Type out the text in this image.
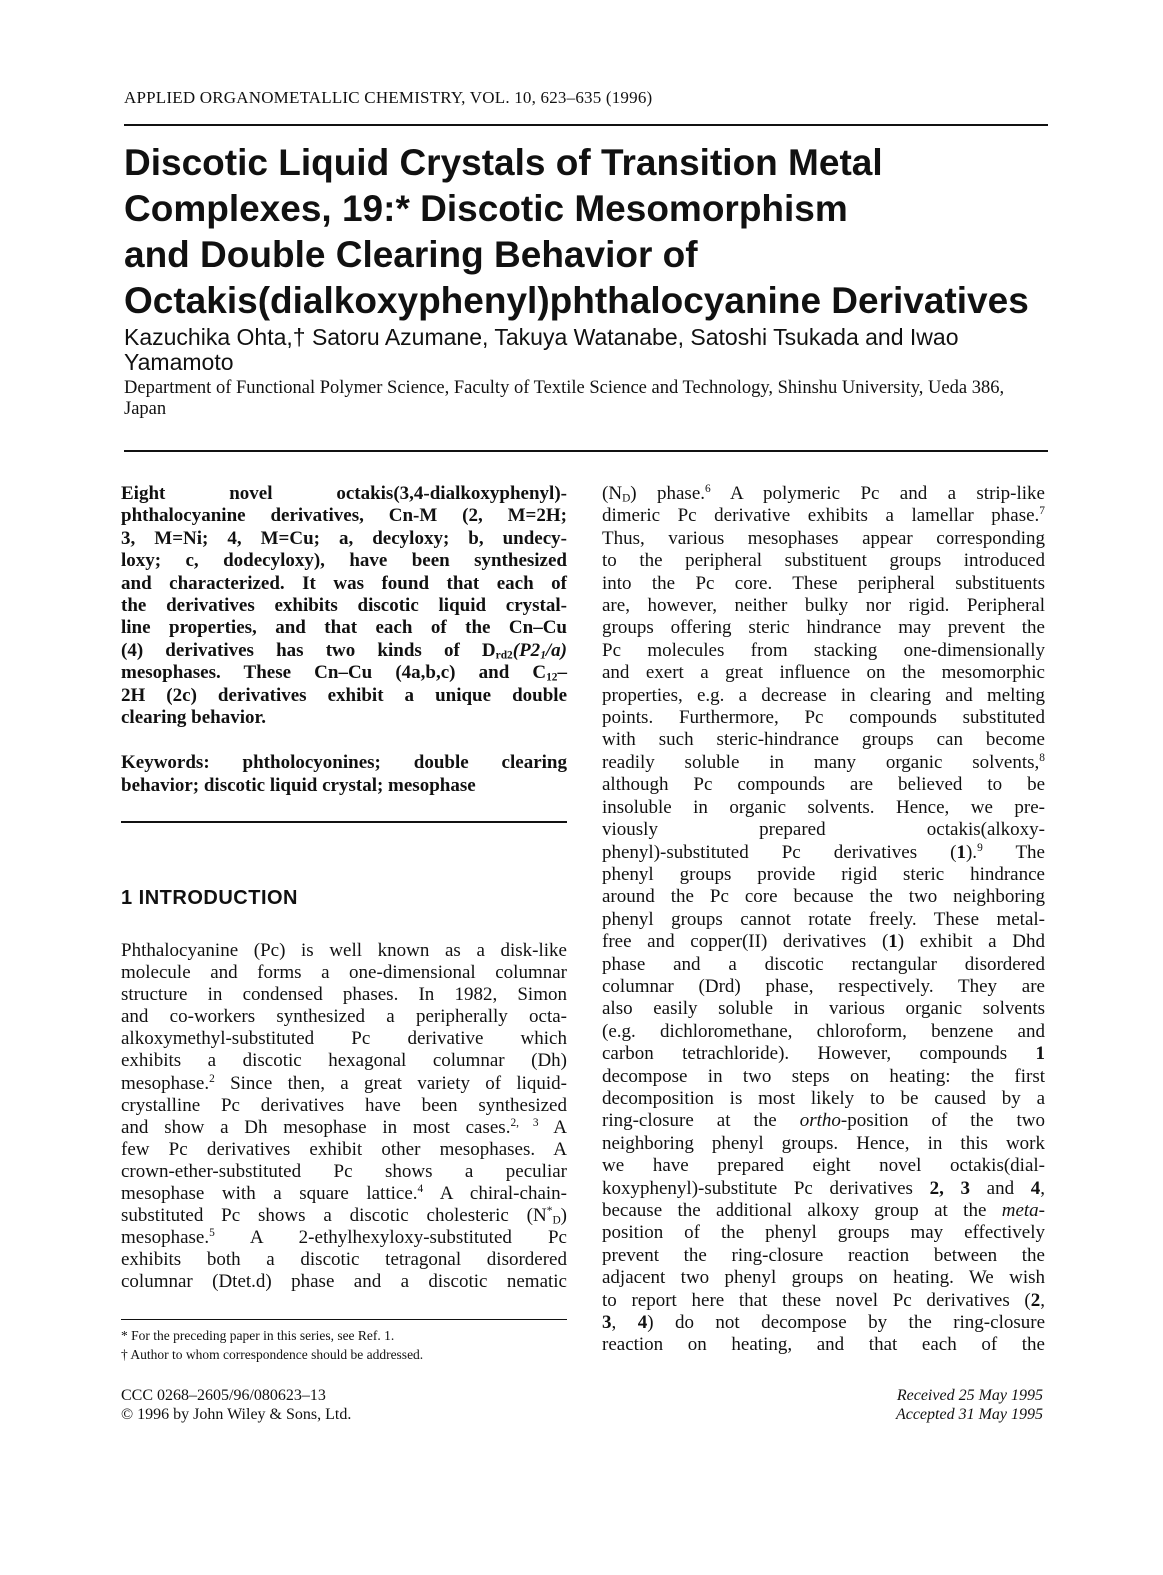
APPLIED ORGANOMETALLIC CHEMISTRY, VOL. 10, 623–635 (1996)
Discotic Liquid Crystals of Transition Metal
Complexes, 19:* Discotic Mesomorphism
and Double Clearing Behavior of
Octakis(dialkoxyphenyl)phthalocyanine Derivatives
Kazuchika Ohta,† Satoru Azumane, Takuya Watanabe, Satoshi Tsukada and Iwao Yamamoto
Department of Functional Polymer Science, Faculty of Textile Science and Technology, Shinshu University, Ueda 386, Japan

Eight novel octakis(3,4-dialkoxyphenyl)-

phthalocyanine derivatives, Cn-M (2, M=2H;

3, M=Ni; 4, M=Cu; a, decyloxy; b, undecy-

loxy; c, dodecyloxy), have been synthesized

and characterized. It was found that each of

the derivatives exhibits discotic liquid crystal-

line properties, and that each of the Cn–Cu

(4) derivatives has two kinds of $D_{rd2}(P2_1/a)$

mesophases. These Cn–Cu (4a,b,c) and $C_{12}-$

2H (2c) derivatives exhibit a unique double

clearing behavior.

Keywords: phtholocyonines; double clearing

behavior; discotic liquid crystal; mesophase

1 INTRODUCTION

Phthalocyanine (Pc) is well known as a disk-like

molecule and forms a one-dimensional columnar

structure in condensed phases. In 1982, Simon

and co-workers synthesized a peripherally octa-

alkoxymethyl-substituted Pc derivative which

exhibits a discotic hexagonal columnar (Dh)

mesophase.$^2$ Since then, a great variety of liquid-

crystalline Pc derivatives have been synthesized

and show a Dh mesophase in most cases.$^{2, 3}$ A

few Pc derivatives exhibit other mesophases. A

crown-ether-substituted Pc shows a peculiar

mesophase with a square lattice.$^4$ A chiral-chain-

substituted Pc shows a discotic cholesteric $(N^*_D)$

mesophase.$^5$ A 2-ethylhexyloxy-substituted Pc

exhibits both a discotic tetragonal disordered

columnar (Dtet.d) phase and a discotic nematic

* For the preceding paper in this series, see Ref. 1.
† Author to whom correspondence should be addressed.
CCC 0268–2605/96/080623–13
© 1996 by John Wiley & Sons, Ltd.

$(N_D)$ phase.$^6$ A polymeric Pc and a strip-like

dimeric Pc derivative exhibits a lamellar phase.$^7$

Thus, various mesophases appear corresponding

to the peripheral substituent groups introduced

into the Pc core. These peripheral substituents

are, however, neither bulky nor rigid. Peripheral

groups offering steric hindrance may prevent the

Pc molecules from stacking one-dimensionally

and exert a great influence on the mesomorphic

properties, e.g. a decrease in clearing and melting

points. Furthermore, Pc compounds substituted

with such steric-hindrance groups can become

readily soluble in many organic solvents,$^8$

although Pc compounds are believed to be

insoluble in organic solvents. Hence, we pre-

viously prepared octakis(alkoxy-

phenyl)-substituted Pc derivatives (1).$^9$ The

phenyl groups provide rigid steric hindrance

around the Pc core because the two neighboring

phenyl groups cannot rotate freely. These metal-

free and copper(II) derivatives (1) exhibit a Dhd

phase and a discotic rectangular disordered

columnar (Drd) phase, respectively. They are

also easily soluble in various organic solvents

(e.g. dichloromethane, chloroform, benzene and

carbon tetrachloride). However, compounds 1

decompose in two steps on heating: the first

decomposition is most likely to be caused by a

ring-closure at the ortho-position of the two

neighboring phenyl groups. Hence, in this work

we have prepared eight novel octakis(dial-

koxyphenyl)-substitute Pc derivatives 2, 3 and 4,

because the additional alkoxy group at the meta-

position of the phenyl groups may effectively

prevent the ring-closure reaction between the

adjacent two phenyl groups on heating. We wish

to report here that these novel Pc derivatives (2,

3, 4) do not decompose by the ring-closure

reaction on heating, and that each of the

Received 25 May 1995
Accepted 31 May 1995
